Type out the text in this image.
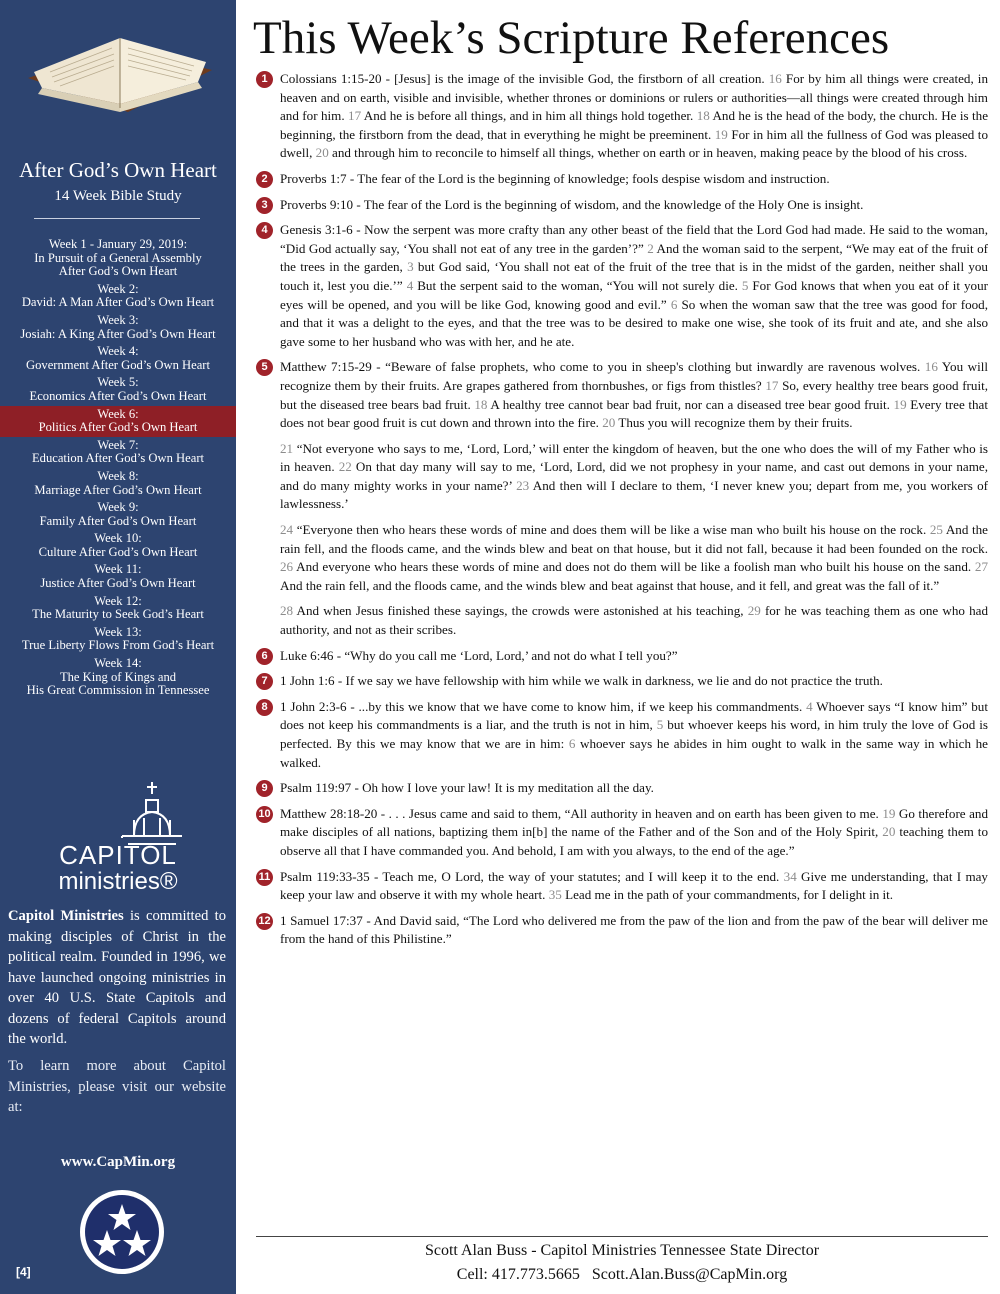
After God’s Own Heart
14 Week Bible Study
Week 1 - January 29, 2019:
In Pursuit of a General Assembly
After God’s Own Heart
Week 2:
David: A Man After God’s Own Heart
Week 3:
Josiah: A King After God’s Own Heart
Week 4:
Government After God’s Own Heart
Week 5:
Economics After God’s Own Heart
Week 6:
Politics After God’s Own Heart
Week 7:
Education After God’s Own Heart
Week 8:
Marriage After God’s Own Heart
Week 9:
Family After God’s Own Heart
Week 10:
Culture After God’s Own Heart
Week 11:
Justice After God’s Own Heart
Week 12:
The Maturity to Seek God’s Heart
Week 13:
True Liberty Flows From God’s Heart
Week 14:
The King of Kings and
His Great Commission in Tennessee
CAPITOL
ministries®
Capitol Ministries is committed to making disciples of Christ in the political realm. Founded in 1996, we have launched ongoing ministries in over 40 U.S. State Capitols and dozens of federal Capitols around the world.
To learn more about Capitol Ministries, please visit our website at:
www.CapMin.org
[4]
This Week’s Scripture References
1 Colossians 1:15-20 - [Jesus] is the image of the invisible God, the firstborn of all creation. 16 For by him all things were created, in heaven and on earth, visible and invisible, whether thrones or dominions or rulers or authorities—all things were created through him and for him. 17 And he is before all things, and in him all things hold together. 18 And he is the head of the body, the church. He is the beginning, the firstborn from the dead, that in everything he might be preeminent. 19 For in him all the fullness of God was pleased to dwell, 20 and through him to reconcile to himself all things, whether on earth or in heaven, making peace by the blood of his cross.
2 Proverbs 1:7 - The fear of the Lord is the beginning of knowledge; fools despise wisdom and instruction.
3 Proverbs 9:10 - The fear of the Lord is the beginning of wisdom, and the knowledge of the Holy One is insight.
4 Genesis 3:1-6 - Now the serpent was more crafty than any other beast of the field that the Lord God had made. He said to the woman, “Did God actually say, ‘You shall not eat of any tree in the garden’?” 2 And the woman said to the serpent, “We may eat of the fruit of the trees in the garden, 3 but God said, ‘You shall not eat of the fruit of the tree that is in the midst of the garden, neither shall you touch it, lest you die.’” 4 But the serpent said to the woman, “You will not surely die. 5 For God knows that when you eat of it your eyes will be opened, and you will be like God, knowing good and evil.” 6 So when the woman saw that the tree was good for food, and that it was a delight to the eyes, and that the tree was to be desired to make one wise, she took of its fruit and ate, and she also gave some to her husband who was with her, and he ate.
5 Matthew 7:15-29 - “Beware of false prophets, who come to you in sheep's clothing but inwardly are ravenous wolves. 16 You will recognize them by their fruits. Are grapes gathered from thornbushes, or figs from thistles? 17 So, every healthy tree bears good fruit, but the diseased tree bears bad fruit. 18 A healthy tree cannot bear bad fruit, nor can a diseased tree bear good fruit. 19 Every tree that does not bear good fruit is cut down and thrown into the fire. 20 Thus you will recognize them by their fruits.
21 “Not everyone who says to me, ‘Lord, Lord,’ will enter the kingdom of heaven, but the one who does the will of my Father who is in heaven. 22 On that day many will say to me, ‘Lord, Lord, did we not prophesy in your name, and cast out demons in your name, and do many mighty works in your name?’ 23 And then will I declare to them, ‘I never knew you; depart from me, you workers of lawlessness.’
24 “Everyone then who hears these words of mine and does them will be like a wise man who built his house on the rock. 25 And the rain fell, and the floods came, and the winds blew and beat on that house, but it did not fall, because it had been founded on the rock. 26 And everyone who hears these words of mine and does not do them will be like a foolish man who built his house on the sand. 27 And the rain fell, and the floods came, and the winds blew and beat against that house, and it fell, and great was the fall of it.”
28 And when Jesus finished these sayings, the crowds were astonished at his teaching, 29 for he was teaching them as one who had authority, and not as their scribes.
6 Luke 6:46 - “Why do you call me ‘Lord, Lord,’ and not do what I tell you?”
7 1 John 1:6 - If we say we have fellowship with him while we walk in darkness, we lie and do not practice the truth.
8 1 John 2:3-6 - ...by this we know that we have come to know him, if we keep his commandments. 4 Whoever says “I know him” but does not keep his commandments is a liar, and the truth is not in him, 5 but whoever keeps his word, in him truly the love of God is perfected. By this we may know that we are in him: 6 whoever says he abides in him ought to walk in the same way in which he walked.
9 Psalm 119:97 - Oh how I love your law! It is my meditation all the day.
10 Matthew 28:18-20 - . . . Jesus came and said to them, “All authority in heaven and on earth has been given to me. 19 Go therefore and make disciples of all nations, baptizing them in[b] the name of the Father and of the Son and of the Holy Spirit, 20 teaching them to observe all that I have commanded you. And behold, I am with you always, to the end of the age.”
11 Psalm 119:33-35 - Teach me, O Lord, the way of your statutes; and I will keep it to the end. 34 Give me understanding, that I may keep your law and observe it with my whole heart. 35 Lead me in the path of your commandments, for I delight in it.
12 1 Samuel 17:37 - And David said, “The Lord who delivered me from the paw of the lion and from the paw of the bear will deliver me from the hand of this Philistine.”
Scott Alan Buss - Capitol Ministries Tennessee State Director
Cell: 417.773.5665 Scott.Alan.Buss@CapMin.org
